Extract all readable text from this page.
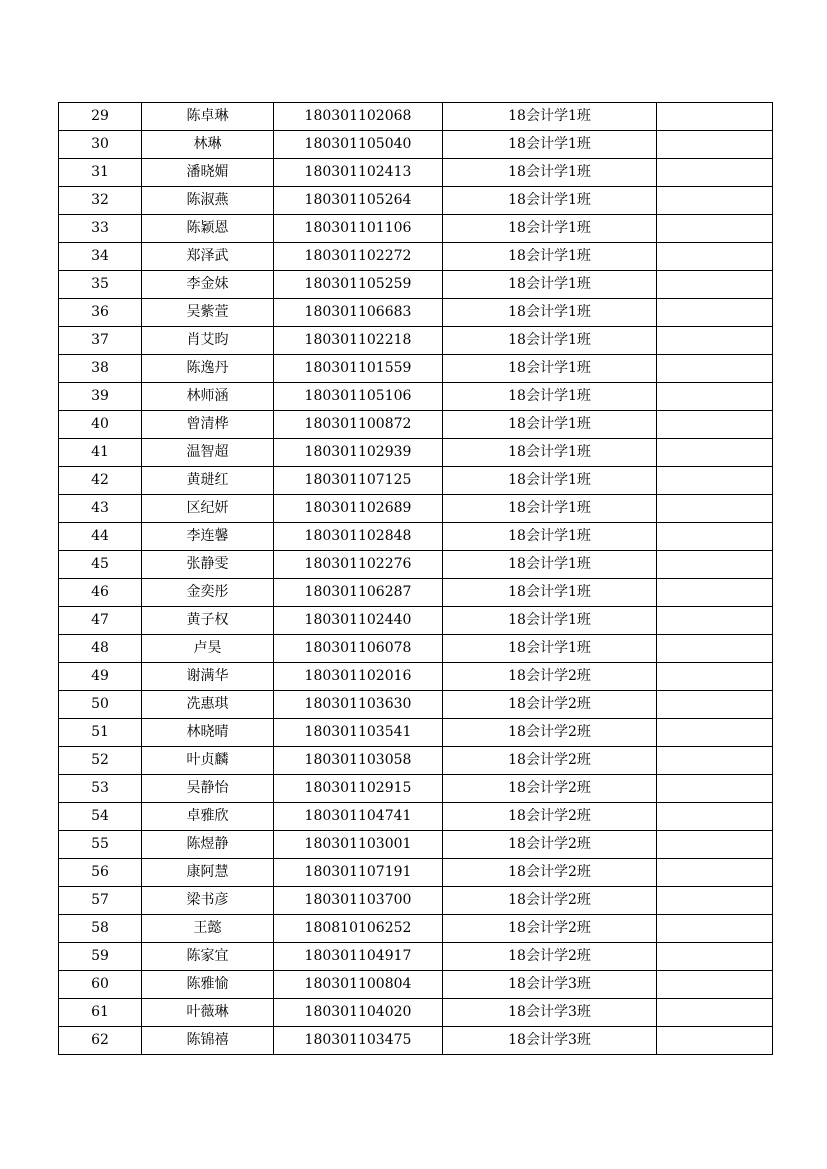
29	陈卓琳	180301102068	18会计学1班	
30	林琳	180301105040	18会计学1班	
31	潘晓媚	180301102413	18会计学1班	
32	陈淑燕	180301105264	18会计学1班	
33	陈颖恩	180301101106	18会计学1班	
34	郑泽武	180301102272	18会计学1班	
35	李金妹	180301105259	18会计学1班	
36	吴紫萱	180301106683	18会计学1班	
37	肖艾昀	180301102218	18会计学1班	
38	陈逸丹	180301101559	18会计学1班	
39	林师涵	180301105106	18会计学1班	
40	曾清桦	180301100872	18会计学1班	
41	温智超	180301102939	18会计学1班	
42	黄琎红	180301107125	18会计学1班	
43	区纪妍	180301102689	18会计学1班	
44	李连馨	180301102848	18会计学1班	
45	张静雯	180301102276	18会计学1班	
46	金奕彤	180301106287	18会计学1班	
47	黄子权	180301102440	18会计学1班	
48	卢昊	180301106078	18会计学1班	
49	谢满华	180301102016	18会计学2班	
50	冼惠琪	180301103630	18会计学2班	
51	林晓晴	180301103541	18会计学2班	
52	叶贞麟	180301103058	18会计学2班	
53	吴静怡	180301102915	18会计学2班	
54	卓雅欣	180301104741	18会计学2班	
55	陈煜静	180301103001	18会计学2班	
56	康阿慧	180301107191	18会计学2班	
57	梁书彦	180301103700	18会计学2班	
58	王懿	180810106252	18会计学2班	
59	陈家宜	180301104917	18会计学2班	
60	陈雅愉	180301100804	18会计学3班	
61	叶薇琳	180301104020	18会计学3班	
62	陈锦禧	180301103475	18会计学3班	
